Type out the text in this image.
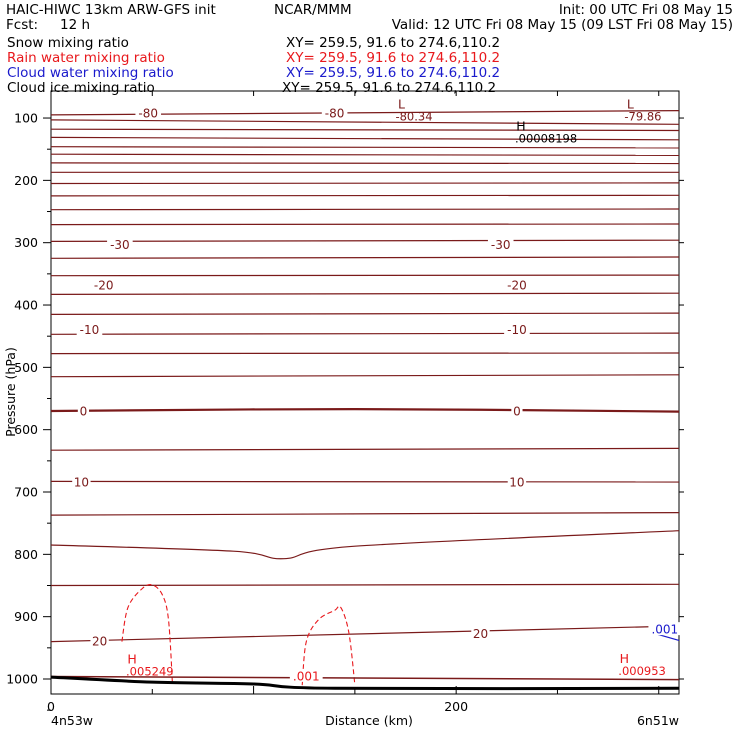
HAIC-HIWC 13km ARW-GFS init	NCAR/MMM	Init: 00 UTC Fri 08 May 15
Fcst: 12 h	Valid: 12 UTC Fri 08 May 15 (09 LST Fri 08 May 15)
Snow mixing ratio	XY= 259.5, 91.6 to 274.6,110.2
Rain water mixing ratio	XY= 259.5, 91.6 to 274.6,110.2
Cloud water mixing ratio	XY= 259.5, 91.6 to 274.6,110.2
Cloud ice mixing ratio	XY= 259.5, 91.6 to 274.6,110.2
100
200
300
400
500
600
700
800
900
1000
0	200
-80	-80
-30	-30
-20	-20
-10	-10
0	0
10	10
20
20
.001
.001
L
-80.34
L
-79.86
H
.00008198
H
.005249
H
.000953
Pressure (hPa)
Distance (km)
4n53w	6n51w
